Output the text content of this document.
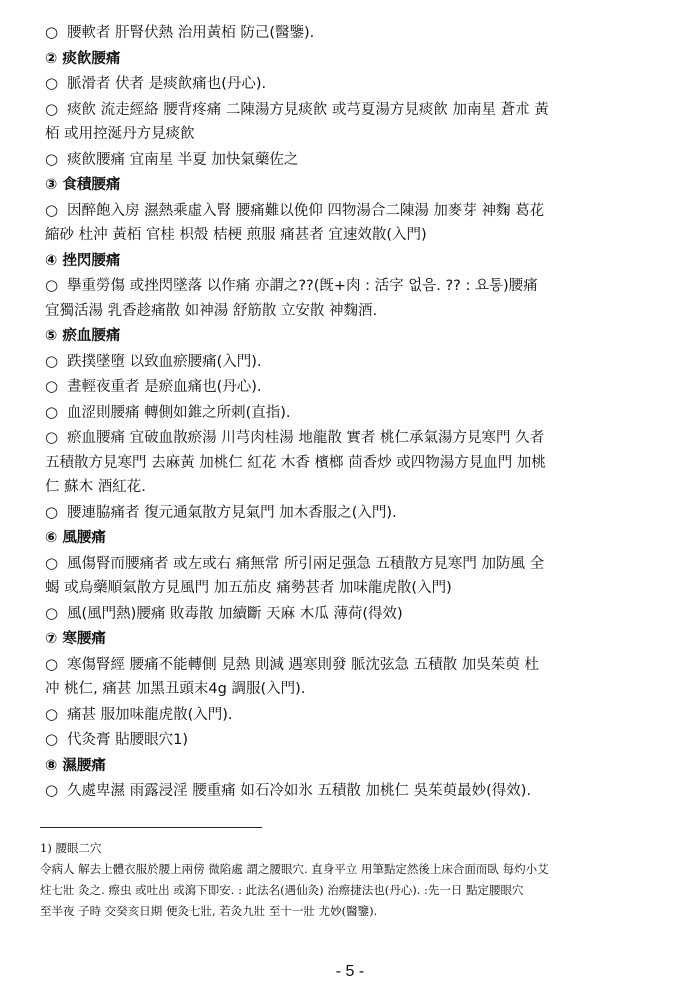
○ 腰軟者 肝腎伏熱 治用黃栢 防己(醫鑒).
② 痰飮腰痛
○ 脈滑者 伏者 是痰飮痛也(丹心).
○ 痰飮 流走經絡 腰背疼痛 二陳湯方見痰飮 或芎夏湯方見痰飮 加南星 蒼朮 黃
栢 或用控涎丹方見痰飮
○ 痰飮腰痛 宜南星 半夏 加快氣藥佐之
③ 食積腰痛
○ 因醉飽入房 濕熱乘虛入腎 腰痛難以俛仰 四物湯合二陳湯 加麥芽 神麴 葛花
縮砂 杜沖 黃栢 官桂 枳殼 桔梗 煎服 痛甚者 宜速效散(入門)
④ 挫閃腰痛
○ 擧重勞傷 或挫閃墜落 以作痛 亦謂之??(旣+肉 : 活字 없음. ?? : 요통)腰痛
宜獨活湯 乳香趁痛散 如神湯 舒筋散 立安散 神麴酒.
⑤ 瘀血腰痛
○ 跌撲墜墮 以致血瘀腰痛(入門).
○ 晝輕夜重者 是瘀血痛也(丹心).
○ 血涩則腰痛 轉側如錐之所刺(直指).
○ 瘀血腰痛 宜破血散瘀湯 川芎肉桂湯 地龍散 實者 桃仁承氣湯方見寒門 久者
五積散方見寒門 去麻黃 加桃仁 紅花 木香 檳榔 茴香炒 或四物湯方見血門 加桃
仁 蘇木 酒紅花.
○ 腰連脇痛者 復元通氣散方見氣門 加木香服之(入門).
⑥ 風腰痛
○ 風傷腎而腰痛者 或左或右 痛無常 所引兩足强急 五積散方見寒門 加防風 全
蝎 或烏藥順氣散方見風門 加五茄皮 痛勢甚者 加味龍虎散(入門)
○ 風(風門熱)腰痛 敗毒散 加續斷 天麻 木瓜 薄荷(得效)
⑦ 寒腰痛
○ 寒傷腎經 腰痛不能轉側 見熱 則減 遇寒則發 脈沈弦急 五積散 加吳茱萸 杜
冲 桃仁, 痛甚 加黑丑頭末4g 調服(入門).
○ 痛甚 服加味龍虎散(入門).
○ 代灸膏 貼腰眼穴1)
⑧ 濕腰痛
○ 久處卑濕 雨露浸淫 腰重痛 如石冷如氷 五積散 加桃仁 吳茱萸最妙(得效).
1) 腰眼二穴
令病人 解去上體衣服於腰上兩傍 微陷處 謂之腰眼穴. 直身平立 用筆點定然後上床合面而臥 每灼小艾
炷七壯 灸之. 瘵虫 或吐出 或瀉下即安. : 此法名(遇仙灸) 治瘵捷法也(丹心). :先一日 點定腰眼穴
至半夜 子時 交癸亥日期 便灸七壯, 若灸九壯 至十一壯 尤妙(醫鑒).
- 5 -
